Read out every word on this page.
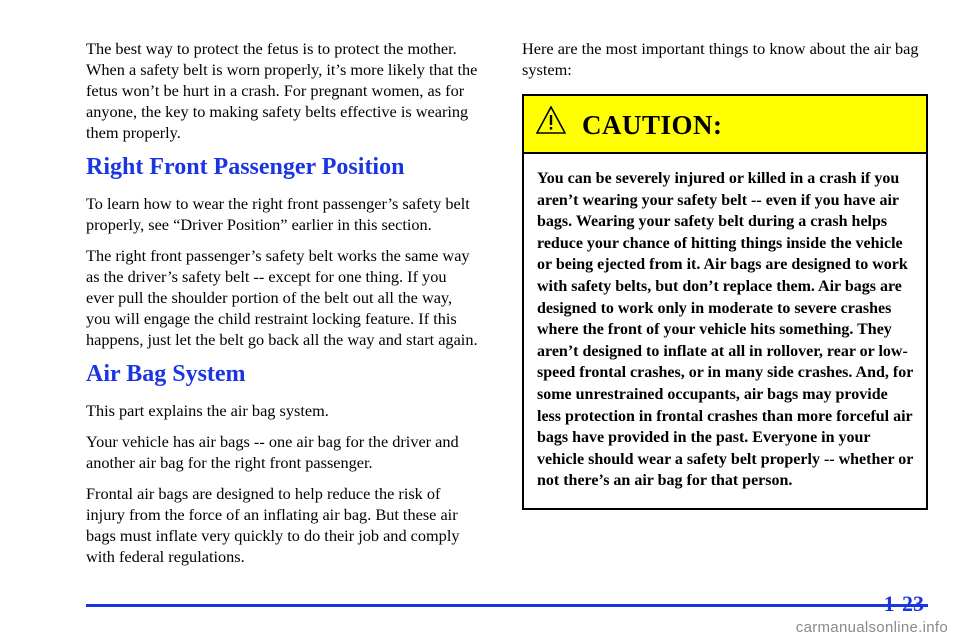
The best way to protect the fetus is to protect the mother. When a safety belt is worn properly, it’s more likely that the fetus won’t be hurt in a crash. For pregnant women, as for anyone, the key to making safety belts effective is wearing them properly.

Right Front Passenger Position

To learn how to wear the right front passenger’s safety belt properly, see “Driver Position” earlier in this section.

The right front passenger’s safety belt works the same way as the driver’s safety belt -- except for one thing. If you ever pull the shoulder portion of the belt out all the way, you will engage the child restraint locking feature. If this happens, just let the belt go back all the way and start again.

Air Bag System

This part explains the air bag system.

Your vehicle has air bags -- one air bag for the driver and another air bag for the right front passenger.

Frontal air bags are designed to help reduce the risk of injury from the force of an inflating air bag. But these air bags must inflate very quickly to do their job and comply with federal regulations.

Here are the most important things to know about the air bag system:

CAUTION:
You can be severely injured or killed in a crash if you aren’t wearing your safety belt -- even if you have air bags. Wearing your safety belt during a crash helps reduce your chance of hitting things inside the vehicle or being ejected from it. Air bags are designed to work with safety belts, but don’t replace them. Air bags are designed to work only in moderate to severe crashes where the front of your vehicle hits something. They aren’t designed to inflate at all in rollover, rear or low-speed frontal crashes, or in many side crashes. And, for some unrestrained occupants, air bags may provide less protection in frontal crashes than more forceful air bags have provided in the past. Everyone in your vehicle should wear a safety belt properly -- whether or not there’s an air bag for that person.
1-23
carmanualsonline.info
